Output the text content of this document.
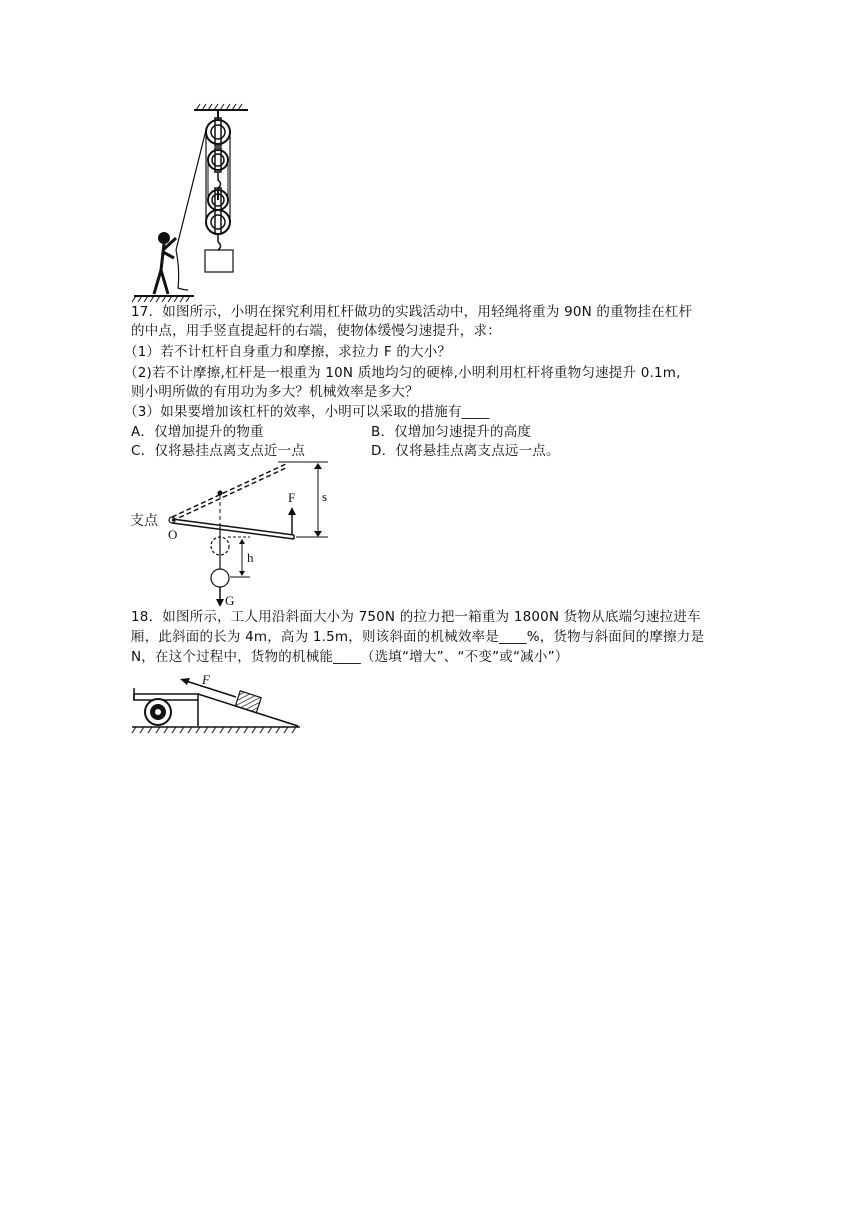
17．如图所示，小明在探究利用杠杆做功的实践活动中，用轻绳将重为 90N 的重物挂在杠杆
的中点，用手竖直提起杆的右端，使物体缓慢匀速提升，求：
（1）若不计杠杆自身重力和摩擦，求拉力 F 的大小？
（2)若不计摩擦,杠杆是一根重为 10N 质地均匀的硬棒,小明利用杠杆将重物匀速提升 0.1m,
则小明所做的有用功为多大？机械效率是多大？
（3）如果要增加该杠杆的效率，小明可以采取的措施有____
A．仅增加提升的物重	B．仅增加匀速提升的高度
C．仅将悬挂点离支点近一点	D．仅将悬挂点离支点远一点。
支点
O
F s
h
G
18．如图所示，工人用沿斜面大小为 750N 的拉力把一箱重为 1800N 货物从底端匀速拉进车
厢，此斜面的长为 4m，高为 1.5m，则该斜面的机械效率是____%，货物与斜面间的摩擦力是
N，在这个过程中，货物的机械能____（选填“增大”、“不变”或“减小”）
F
